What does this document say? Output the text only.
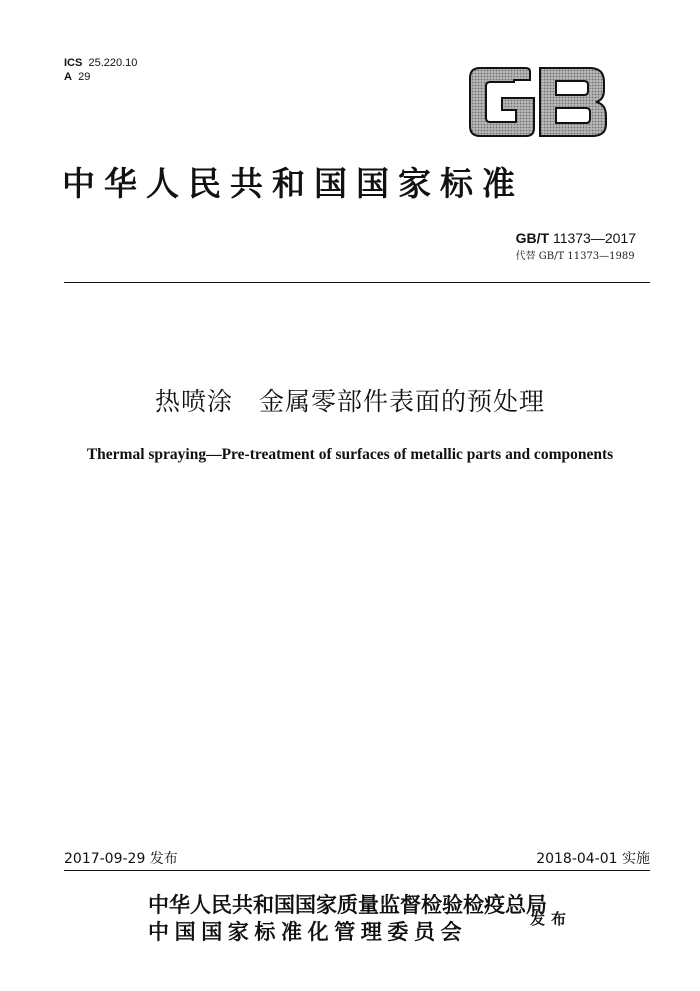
ICS 25.220.10
A 29
GB
中华人民共和国国家标准
GB/T 11373—2017
代替 GB/T 11373—1989
热喷涂　金属零部件表面的预处理
Thermal spraying—Pre-treatment of surfaces of metallic parts and components
2017-09-29 发布	2018-04-01 实施
中华人民共和国国家质量监督检验检疫总局
中国国家标准化管理委员会	发布
